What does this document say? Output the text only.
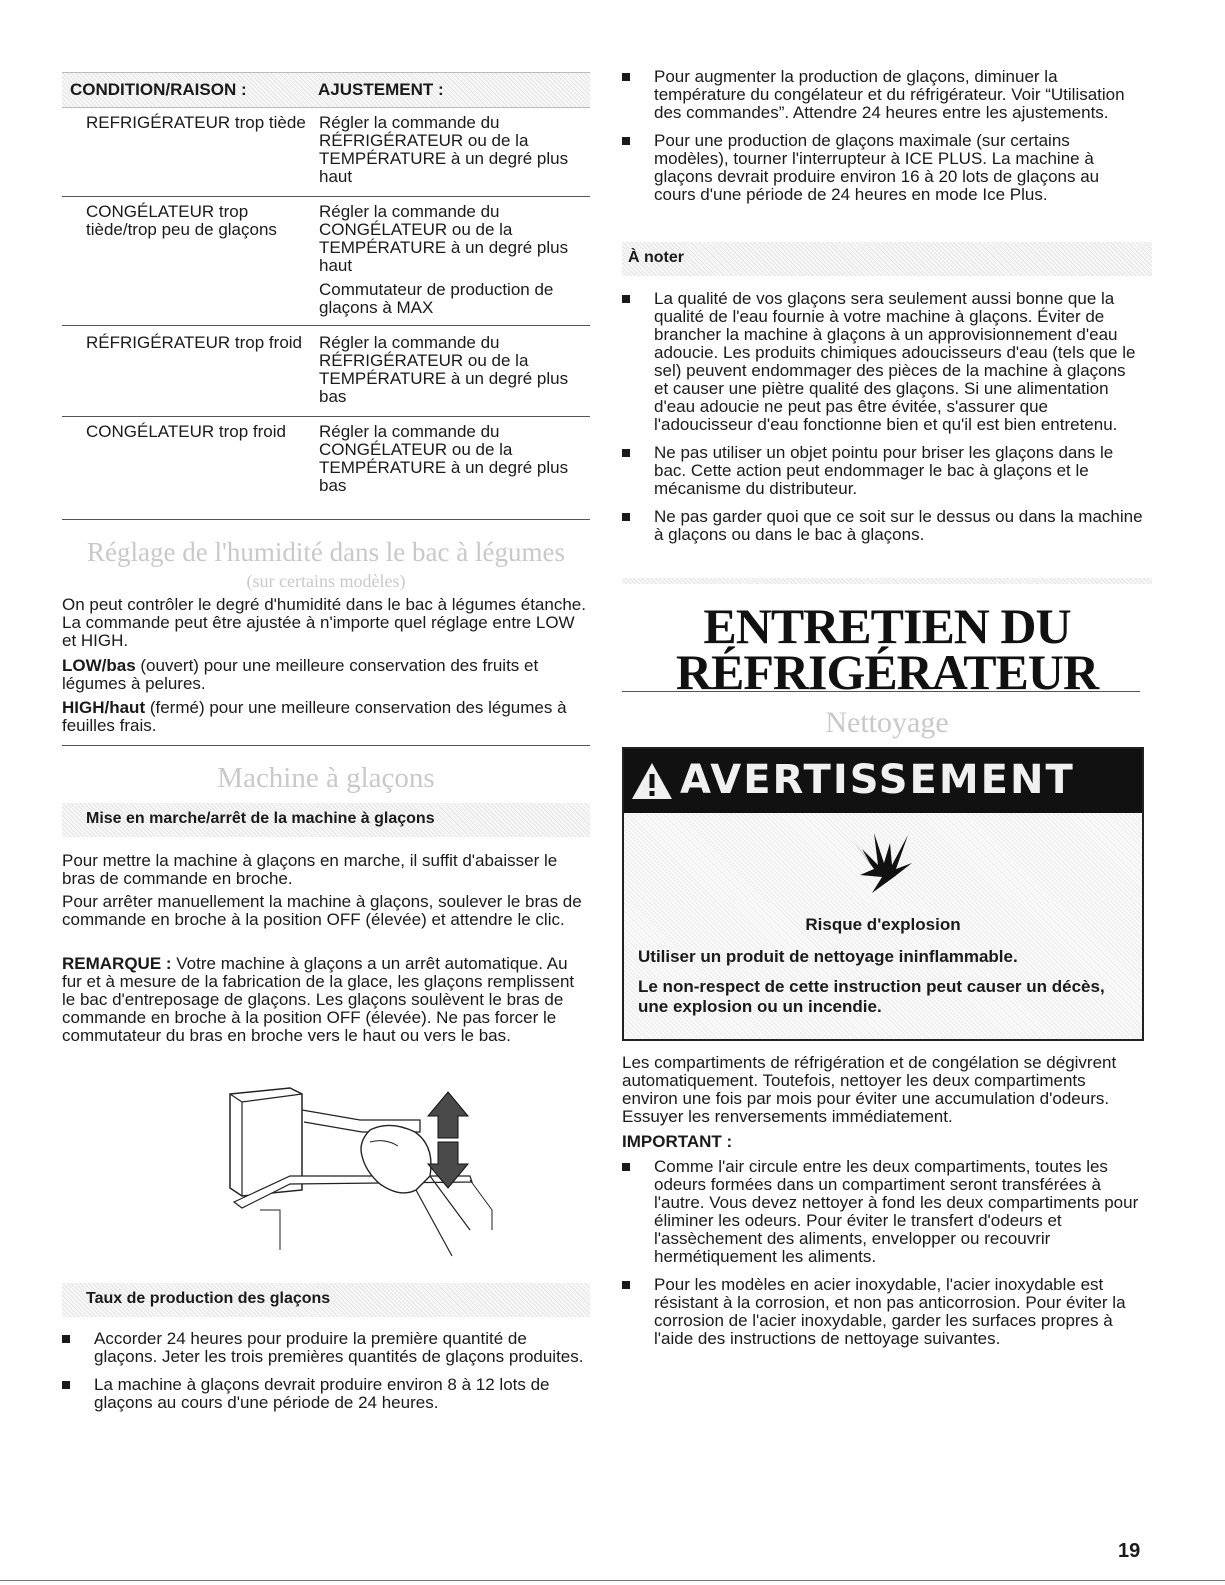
CONDITION/RAISON :	AJUSTEMENT :
REFRIGÉRATEUR trop tiède Régler la commande du RÉFRIGÉRATEUR ou de la TEMPÉRATURE à un degré plus haut

CONGÉLATEUR trop tiède/trop peu de glaçons

Régler la commande du CONGÉLATEUR ou de la TEMPÉRATURE à un degré plus haut

Commutateur de production de glaçons à MAX

RÉFRIGÉRATEUR trop froid Régler la commande du RÉFRIGÉRATEUR ou de la TEMPÉRATURE à un degré plus bas

CONGÉLATEUR trop froid	Régler la commande du CONGÉLATEUR ou de la TEMPÉRATURE à un degré plus bas

Réglage de l'humidité dans le bac à légumes
(sur certains modèles)

On peut contrôler le degré d'humidité dans le bac à légumes étanche. La commande peut être ajustée à n'importe quel réglage entre LOW et HIGH.

LOW/bas (ouvert) pour une meilleure conservation des fruits et légumes à pelures.

HIGH/haut (fermé) pour une meilleure conservation des légumes à feuilles frais.

Machine à glaçons
Mise en marche/arrêt de la machine à glaçons

Pour mettre la machine à glaçons en marche, il suffit d'abaisser le bras de commande en broche.

Pour arrêter manuellement la machine à glaçons, soulever le bras de commande en broche à la position OFF (élevée) et attendre le clic.

REMARQUE : Votre machine à glaçons a un arrêt automatique. Au fur et à mesure de la fabrication de la glace, les glaçons remplissent le bac d'entreposage de glaçons. Les glaçons soulèvent le bras de commande en broche à la position OFF (élevée). Ne pas forcer le commutateur du bras en broche vers le haut ou vers le bas.

Taux de production des glaçons
Accorder 24 heures pour produire la première quantité de glaçons. Jeter les trois premières quantités de glaçons produites.
La machine à glaçons devrait produire environ 8 à 12 lots de glaçons au cours d'une période de 24 heures.
Pour augmenter la production de glaçons, diminuer la température du congélateur et du réfrigérateur. Voir “Utilisation des commandes”. Attendre 24 heures entre les ajustements.
Pour une production de glaçons maximale (sur certains modèles), tourner l'interrupteur à ICE PLUS. La machine à glaçons devrait produire environ 16 à 20 lots de glaçons au cours d'une période de 24 heures en mode Ice Plus.
À noter
La qualité de vos glaçons sera seulement aussi bonne que la qualité de l'eau fournie à votre machine à glaçons. Éviter de brancher la machine à glaçons à un approvisionnement d'eau adoucie. Les produits chimiques adoucisseurs d'eau (tels que le sel) peuvent endommager des pièces de la machine à glaçons et causer une piètre qualité des glaçons. Si une alimentation d'eau adoucie ne peut pas être évitée, s'assurer que l'adoucisseur d'eau fonctionne bien et qu'il est bien entretenu.
Ne pas utiliser un objet pointu pour briser les glaçons dans le bac. Cette action peut endommager le bac à glaçons et le mécanisme du distributeur.
Ne pas garder quoi que ce soit sur le dessus ou dans la machine à glaçons ou dans le bac à glaçons.
ENTRETIEN DU
RÉFRIGÉRATEUR
Nettoyage
AVERTISSEMENT
Risque d'explosion

Utiliser un produit de nettoyage ininflammable.

Le non-respect de cette instruction peut causer un décès, une explosion ou un incendie.

Les compartiments de réfrigération et de congélation se dégivrent automatiquement. Toutefois, nettoyer les deux compartiments environ une fois par mois pour éviter une accumulation d'odeurs. Essuyer les renversements immédiatement.

IMPORTANT :

Comme l'air circule entre les deux compartiments, toutes les odeurs formées dans un compartiment seront transférées à l'autre. Vous devez nettoyer à fond les deux compartiments pour éliminer les odeurs. Pour éviter le transfert d'odeurs et l'assèchement des aliments, envelopper ou recouvrir hermétiquement les aliments.
Pour les modèles en acier inoxydable, l'acier inoxydable est résistant à la corrosion, et non pas anticorrosion. Pour éviter la corrosion de l'acier inoxydable, garder les surfaces propres à l'aide des instructions de nettoyage suivantes.
19
